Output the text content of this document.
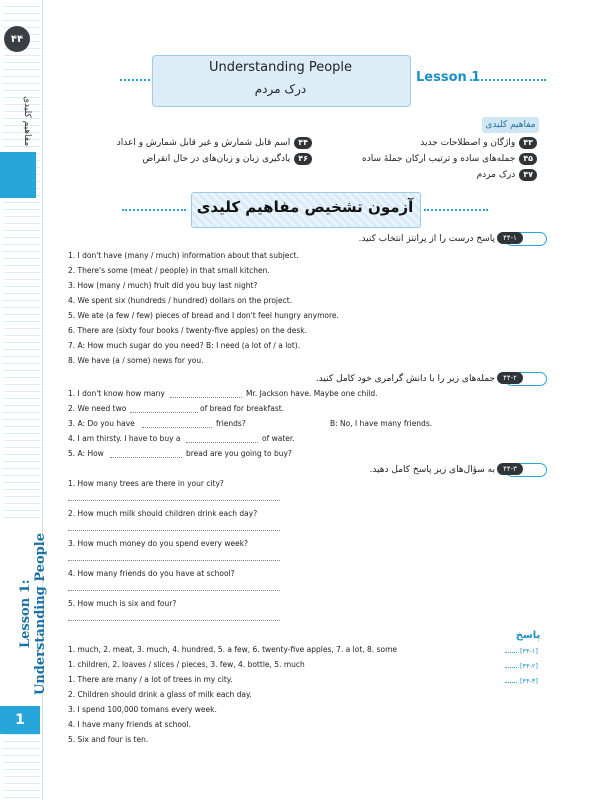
۴۴
مفاهیم کلیدی
Lesson 1: Understanding People
1
Understanding People
درک مردم
Lesson 1
مفاهیم کلیدی
۴۳
واژگان و اصطلاحات جدید
۴۵
جمله‌های ساده و ترتیب ارکان جملهٔ ساده
۴۷
درک مردم
۴۴
اسم قابل شمارش و غیر قابل شمارش و اعداد
۴۶
یادگیری زبان و زبان‌های در حال انقراض
آزمون تشخیص مفاهیم کلیدی
۴۴-۱
پاسخ درست را از پرانتز انتخاب کنید.
1. I don't have (many / much) information about that subject.
2. There's some (meat / people) in that small kitchen.
3. How (many / much) fruit did you buy last night?
4. We spent six (hundreds / hundred) dollars on the project.
5. We ate (a few / few) pieces of bread and I don't feel hungry anymore.
6. There are (sixty four books / twenty-five apples) on the desk.
7. A: How much sugar do you need? B: I need (a lot of / a lot).
8. We have (a / some) news for you.
۴۴-۲
جمله‌های زیر را با دانش گرامری خود کامل کنید.
1. I don't know how many	Mr. Jackson have. Maybe one child.
2. We need two	of bread for breakfast.
3. A: Do you have	friends?	B: No, I have many friends.
4. I am thirsty. I have to buy a	of water.
5. A: How	bread are you going to buy?
۴۴-۳
به سؤال‌های زیر پاسخ کامل دهید.
1. How many trees are there in your city?
2. How much milk should children drink each day?
3. How much money do you spend every week?
4. How many friends do you have at school?
5. How much is six and four?
پاسخ
1. much, 2. meat, 3. much, 4. hundred, 5. a few, 6. twenty-five apples, 7. a lot, 8. some	[۴۴-۱]
1. children, 2. loaves / slices / pieces, 3. few, 4. bottle, 5. much	[۴۴-۲]
1. There are many / a lot of trees in my city.	[۴۴-۳]
2. Children should drink a glass of milk each day.
3. I spend 100,000 tomans every week.
4. I have many friends at school.
5. Six and four is ten.
